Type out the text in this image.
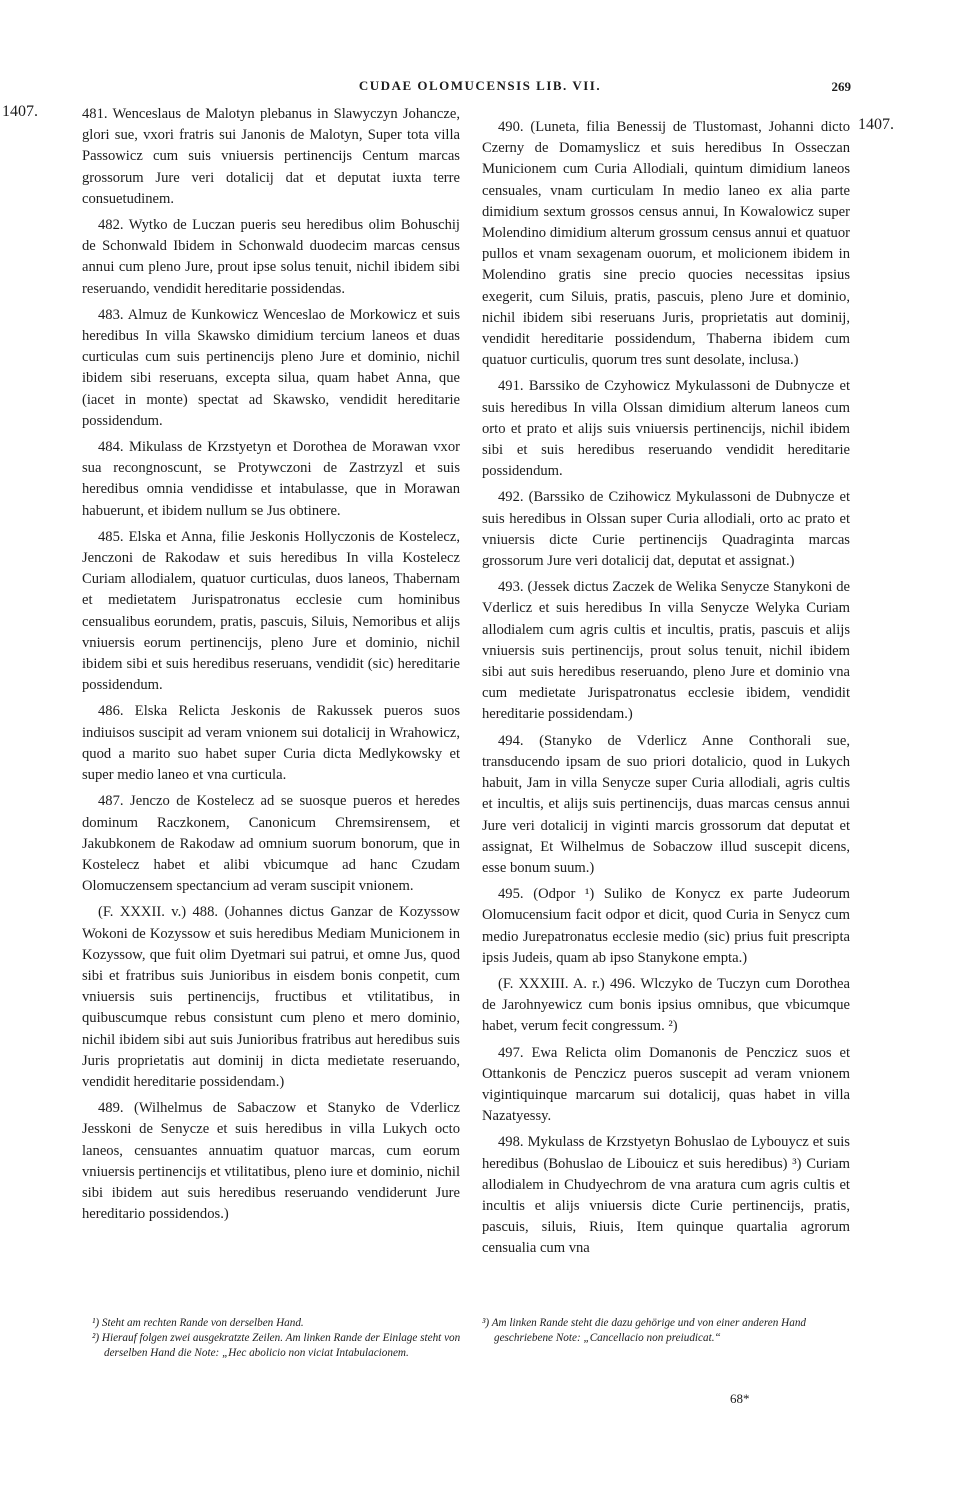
CUDAE OLOMUCENSIS LIB. VII.	269
1407.
1407.

481. Wenceslaus de Malotyn plebanus in Slawyczyn Johancze, glori sue, vxori fratris sui Janonis de Malotyn, Super tota villa Passowicz cum suis vniuersis pertinencijs Centum marcas grossorum Jure veri dotalicij dat et deputat iuxta terre consuetudinem.

482. Wytko de Luczan pueris seu heredibus olim Bohuschij de Schonwald Ibidem in Schonwald duodecim marcas census annui cum pleno Jure, prout ipse solus tenuit, nichil ibidem sibi reseruando, vendidit hereditarie possidendas.

483. Almuz de Kunkowicz Wenceslao de Morkowicz et suis heredibus In villa Skawsko dimidium tercium laneos et duas curticulas cum suis pertinencijs pleno Jure et dominio, nichil ibidem sibi reseruans, excepta silua, quam habet Anna, que (iacet in monte) spectat ad Skawsko, vendidit hereditarie possidendum.

484. Mikulass de Krzstyetyn et Dorothea de Morawan vxor sua recongnoscunt, se Protywczoni de Zastrzyzl et suis heredibus omnia vendidisse et intabulasse, que in Morawan habuerunt, et ibidem nullum se Jus obtinere.

485. Elska et Anna, filie Jeskonis Hollyczonis de Kostelecz, Jenczoni de Rakodaw et suis heredibus In villa Kostelecz Curiam allodialem, quatuor curticulas, duos laneos, Thabernam et medietatem Jurispatronatus ecclesie cum hominibus censualibus eorundem, pratis, pascuis, Siluis, Nemoribus et alijs vniuersis eorum pertinencijs, pleno Jure et dominio, nichil ibidem sibi et suis heredibus reseruans, vendidit (sic) hereditarie possidendum.

486. Elska Relicta Jeskonis de Rakussek pueros suos indiuisos suscipit ad veram vnionem sui dotalicij in Wrahowicz, quod a marito suo habet super Curia dicta Medlykowsky et super medio laneo et vna curticula.

487. Jenczo de Kostelecz ad se suosque pueros et heredes dominum Raczkonem, Canonicum Chremsirensem, et Jakubkonem de Rakodaw ad omnium suorum bonorum, que in Kostelecz habet et alibi vbicumque ad hanc Czudam Olomuczensem spectancium ad veram suscipit vnionem.

(F. XXXII. v.) 488. (Johannes dictus Ganzar de Kozyssow Wokoni de Kozyssow et suis heredibus Mediam Municionem in Kozyssow, que fuit olim Dyetmari sui patrui, et omne Jus, quod sibi et fratribus suis Junioribus in eisdem bonis conpetit, cum vniuersis suis pertinencijs, fructibus et vtilitatibus, in quibuscumque rebus consistunt cum pleno et mero dominio, nichil ibidem sibi aut suis Junioribus fratribus aut heredibus suis Juris proprietatis aut dominij in dicta medietate reseruando, vendidit hereditarie possidendam.)

489. (Wilhelmus de Sabaczow et Stanyko de Vderlicz Jesskoni de Senycze et suis heredibus in villa Lukych octo laneos, censuantes annuatim quatuor marcas, cum eorum vniuersis pertinencijs et vtilitatibus, pleno iure et dominio, nichil sibi ibidem aut suis heredibus reseruando vendiderunt Jure hereditario possidendos.)

490. (Luneta, filia Benessij de Tlustomast, Johanni dicto Czerny de Domamyslicz et suis heredibus In Osseczan Municionem cum Curia Allodiali, quintum dimidium laneos censuales, vnam curticulam In medio laneo ex alia parte dimidium sextum grossos census annui, In Kowalowicz super Molendino dimidium alterum grossum census annui et quatuor pullos et vnam sexagenam ouorum, et molicionem ibidem in Molendino gratis sine precio quocies necessitas ipsius exegerit, cum Siluis, pratis, pascuis, pleno Jure et dominio, nichil ibidem sibi reseruans Juris, proprietatis aut dominij, vendidit hereditarie possidendum, Thaberna ibidem cum quatuor curticulis, quorum tres sunt desolate, inclusa.)

491. Barssiko de Czyhowicz Mykulassoni de Dubnycze et suis heredibus In villa Olssan dimidium alterum laneos cum orto et prato et alijs suis vniuersis pertinencijs, nichil ibidem sibi et suis heredibus reseruando vendidit hereditarie possidendum.

492. (Barssiko de Czihowicz Mykulassoni de Dubnycze et suis heredibus in Olssan super Curia allodiali, orto ac prato et vniuersis dicte Curie pertinencijs Quadraginta marcas grossorum Jure veri dotalicij dat, deputat et assignat.)

493. (Jessek dictus Zaczek de Welika Senycze Stanykoni de Vderlicz et suis heredibus In villa Senycze Welyka Curiam allodialem cum agris cultis et incultis, pratis, pascuis et alijs vniuersis suis pertinencijs, prout solus tenuit, nichil ibidem sibi aut suis heredibus reseruando, pleno Jure et dominio vna cum medietate Jurispatronatus ecclesie ibidem, vendidit hereditarie possidendam.)

494. (Stanyko de Vderlicz Anne Conthorali sue, transducendo ipsam de suo priori dotalicio, quod in Lukych habuit, Jam in villa Senycze super Curia allodiali, agris cultis et incultis, et alijs suis pertinencijs, duas marcas census annui Jure veri dotalicij in viginti marcis grossorum dat deputat et assignat, Et Wilhelmus de Sobaczow illud suscepit dicens, esse bonum suum.)

495. (Odpor ¹) Suliko de Konycz ex parte Judeorum Olomucensium facit odpor et dicit, quod Curia in Senycz cum medio Jurepatronatus ecclesie medio (sic) prius fuit prescripta ipsis Judeis, quam ab ipso Stanykone empta.)

(F. XXXIII. A. r.) 496. Wlczyko de Tuczyn cum Dorothea de Jarohnyewicz cum bonis ipsius omnibus, que vbicumque habet, verum fecit congressum. ²)

497. Ewa Relicta olim Domanonis de Penczicz suos et Ottankonis de Penczicz pueros suscepit ad veram vnionem vigintiquinque marcarum sui dotalicij, quas habet in villa Nazatyessy.

498. Mykulass de Krzstyetyn Bohuslao de Lybouycz et suis heredibus (Bohuslao de Libouicz et suis heredibus) ³) Curiam allodialem in Chudyechrom de vna aratura cum agris cultis et incultis et alijs vniuersis dicte Curie pertinencijs, pratis, pascuis, siluis, Riuis, Item quinque quartalia agrorum censualia cum vna

¹) Steht am rechten Rande von derselben Hand.

²) Hierauf folgen zwei ausgekratzte Zeilen. Am linken Rande der Einlage steht von derselben Hand die Note: „Hec abolicio non viciat Intabulacionem.

³) Am linken Rande steht die dazu gehörige und von einer anderen Hand geschriebene Note: „Cancellacio non preiudicat.“

68*
